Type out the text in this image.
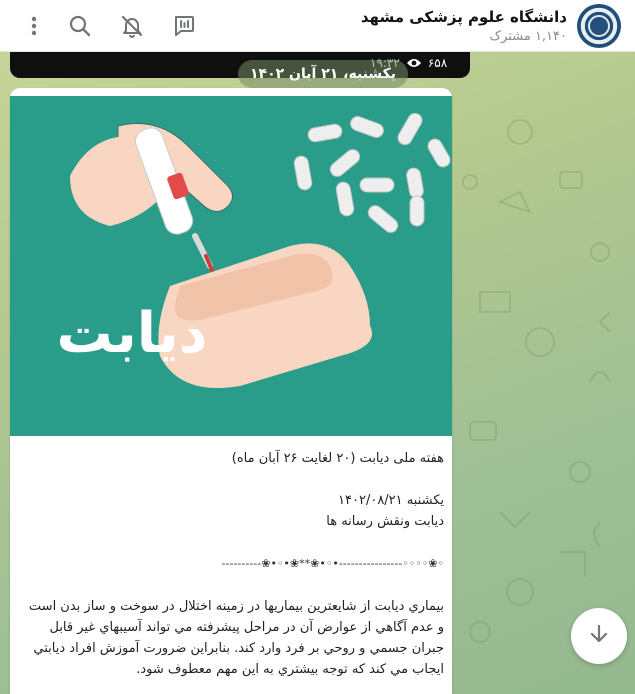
دانشگاه علوم پزشکی مشهد
۱,۱۴۰ مشترک
۶۵۸
یکشنبه، ۲۱ آبان ۱۴۰۲
دیابت

هفته ملی دیابت (۲۰ لغایت ۲۶ آبان ماه)

یکشنبه ۱۴۰۲/۰۸/۲۱

دیابت ونقش رسانه ها

----------❀•◦•❀**❀•◦•----------------◦◦◦◦❀◦

بيماري ديابت از شايعترين بيماريها در زمينه اختلال در سوخت و ساز بدن است و عدم آگاهي از عوارض آن در مراحل پيشرفته مي تواند آسيبهاي غير قابل جبران جسمي و روحي بر فرد وارد كند. بنابراين ضرورت آموزش افراد ديابتي ايجاب مي كند كه توجه بيشتري به اين مهم معطوف شود.
